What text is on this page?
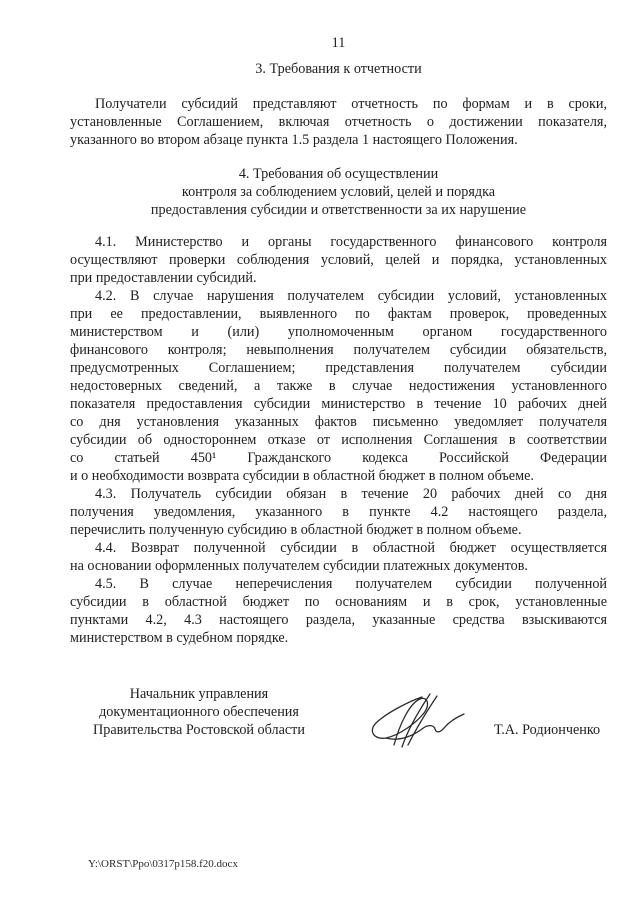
11
3. Требования к отчетности
Получатели субсидий представляют отчетность по формам и в сроки,
установленные Соглашением, включая отчетность о достижении показателя,
указанного во втором абзаце пункта 1.5 раздела 1 настоящего Положения.
4. Требования об осуществлении
контроля за соблюдением условий, целей и порядка
предоставления субсидии и ответственности за их нарушение
4.1. Министерство и органы государственного финансового контроля
осуществляют проверки соблюдения условий, целей и порядка, установленных
при предоставлении субсидий.
4.2. В случае нарушения получателем субсидии условий, установленных
при ее предоставлении, выявленного по фактам проверок, проведенных
министерством и (или) уполномоченным органом государственного
финансового контроля; невыполнения получателем субсидии обязательств,
предусмотренных Соглашением; представления получателем субсидии
недостоверных сведений, а также в случае недостижения установленного
показателя предоставления субсидии министерство в течение 10 рабочих дней
со дня установления указанных фактов письменно уведомляет получателя
субсидии об одностороннем отказе от исполнения Соглашения в соответствии
со статьей 450¹ Гражданского кодекса Российской Федерации
и о необходимости возврата субсидии в областной бюджет в полном объеме.
4.3. Получатель субсидии обязан в течение 20 рабочих дней со дня
получения уведомления, указанного в пункте 4.2 настоящего раздела,
перечислить полученную субсидию в областной бюджет в полном объеме.
4.4. Возврат полученной субсидии в областной бюджет осуществляется
на основании оформленных получателем субсидии платежных документов.
4.5. В случае неперечисления получателем субсидии полученной
субсидии в областной бюджет по основаниям и в срок, установленные
пунктами 4.2, 4.3 настоящего раздела, указанные средства взыскиваются
министерством в судебном порядке.
Начальник управления
документационного обеспечения
Правительства Ростовской области	Т.А. Родионченко
Y:\ORST\Ppo\0317p158.f20.docx
